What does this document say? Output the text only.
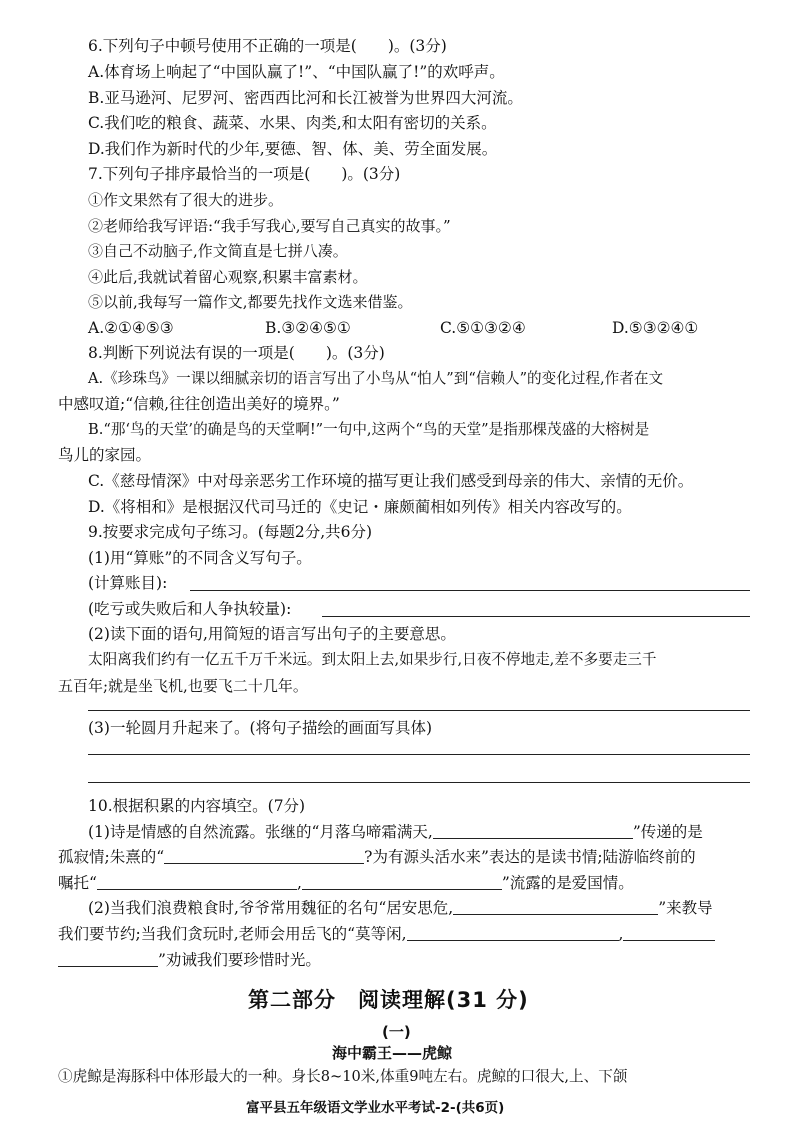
6.下列句子中顿号使用不正确的一项是(　　)。(3分)
A.体育场上响起了“中国队赢了!”、“中国队赢了!”的欢呼声。
B.亚马逊河、尼罗河、密西西比河和长江被誉为世界四大河流。
C.我们吃的粮食、蔬菜、水果、肉类,和太阳有密切的关系。
D.我们作为新时代的少年,要德、智、体、美、劳全面发展。
7.下列句子排序最恰当的一项是(　　)。(3分)
①作文果然有了很大的进步。
②老师给我写评语:“我手写我心,要写自己真实的故事。”
③自己不动脑子,作文简直是七拼八凑。
④此后,我就试着留心观察,积累丰富素材。
⑤以前,我每写一篇作文,都要先找作文选来借鉴。
A.②①④⑤③	B.③②④⑤①	C.⑤①③②④	D.⑤③②④①
8.判断下列说法有误的一项是(　　)。(3分)
A.《珍珠鸟》一课以细腻亲切的语言写出了小鸟从“怕人”到“信赖人”的变化过程,作者在文
中感叹道;“信赖,往往创造出美好的境界。”
B.“那‘鸟的天堂’的确是鸟的天堂啊!”一句中,这两个“鸟的天堂”是指那棵茂盛的大榕树是
鸟儿的家园。
C.《慈母情深》中对母亲恶劣工作环境的描写更让我们感受到母亲的伟大、亲情的无价。
D.《将相和》是根据汉代司马迁的《史记・廉颇蔺相如列传》相关内容改写的。
9.按要求完成句子练习。(每题2分,共6分)
(1)用“算账”的不同含义写句子。
(计算账目):
(吃亏或失败后和人争执较量):
(2)读下面的语句,用简短的语言写出句子的主要意思。
太阳离我们约有一亿五千万千米远。到太阳上去,如果步行,日夜不停地走,差不多要走三千
五百年;就是坐飞机,也要飞二十几年。
(3)一轮圆月升起来了。(将句子描绘的画面写具体)
10.根据积累的内容填空。(7分)
(1)诗是情感的自然流露。张继的“月落乌啼霜满天,	”传递的是
孤寂情;朱熹的“	?为有源头活水来”表达的是读书情;陆游临终前的
嘱托“	,	”流露的是爱国情。
(2)当我们浪费粮食时,爷爷常用魏征的名句“居安思危,	”来教导
我们要节约;当我们贪玩时,老师会用岳飞的“莫等闲,	,
”劝诫我们要珍惜时光。
第二部分　阅读理解(31 分)
(一)
海中霸王——虎鲸
①虎鲸是海豚科中体形最大的一种。身长8~10米,体重9吨左右。虎鲸的口很大,上、下颌
富平县五年级语文学业水平考试-2-(共6页)
